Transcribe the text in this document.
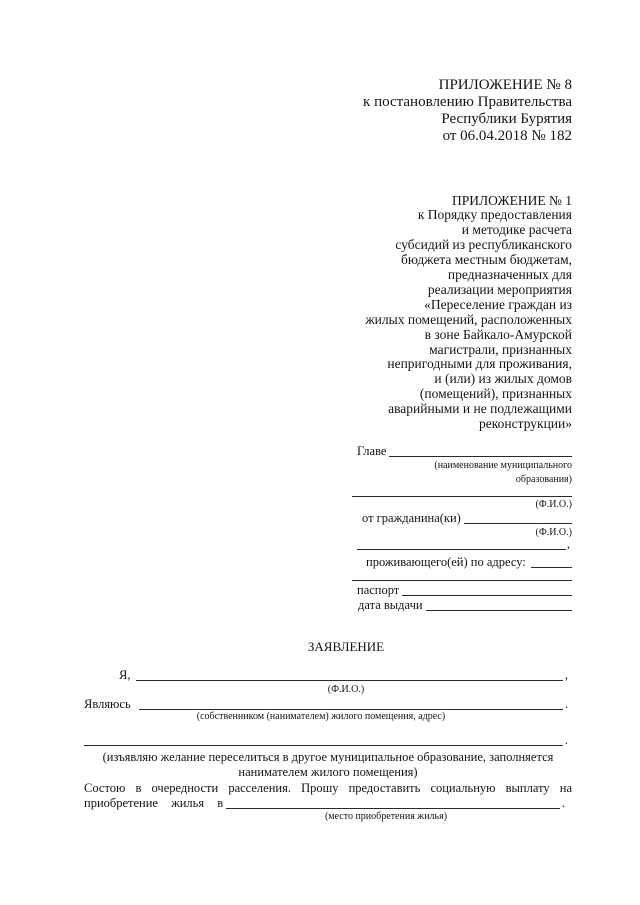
ПРИЛОЖЕНИЕ № 8
к постановлению Правительства
Республики Бурятия
от 06.04.2018 № 182
ПРИЛОЖЕНИЕ № 1
к Порядку предоставления
и методике расчета
субсидий из республиканского
бюджета местным бюджетам,
предназначенных для
реализации мероприятия
«Переселение граждан из
жилых помещений, расположенных
в зоне Байкало-Амурской
магистрали, признанных
непригодными для проживания,
и (или) из жилых домов
(помещений), признанных
аварийными и не подлежащими
реконструкции»
Главе
(наименование муниципального
образования)
(Ф.И.О.)
от гражданина(ки)
(Ф.И.О.)
,
проживающего(ей) по адресу:
паспорт
дата выдачи
ЗАЯВЛЕНИЕ
Я,	,
(Ф.И.О.)
Являюсь	.
(собственником (нанимателем) жилого помещения, адрес)
.
(изъявляю желание переселиться в другое муниципальное образование, заполняется
нанимателем жилого помещения)
Состою в очередности расселения. Прошу предоставить социальную выплату на
приобретение жилья в	.
(место приобретения жилья)
